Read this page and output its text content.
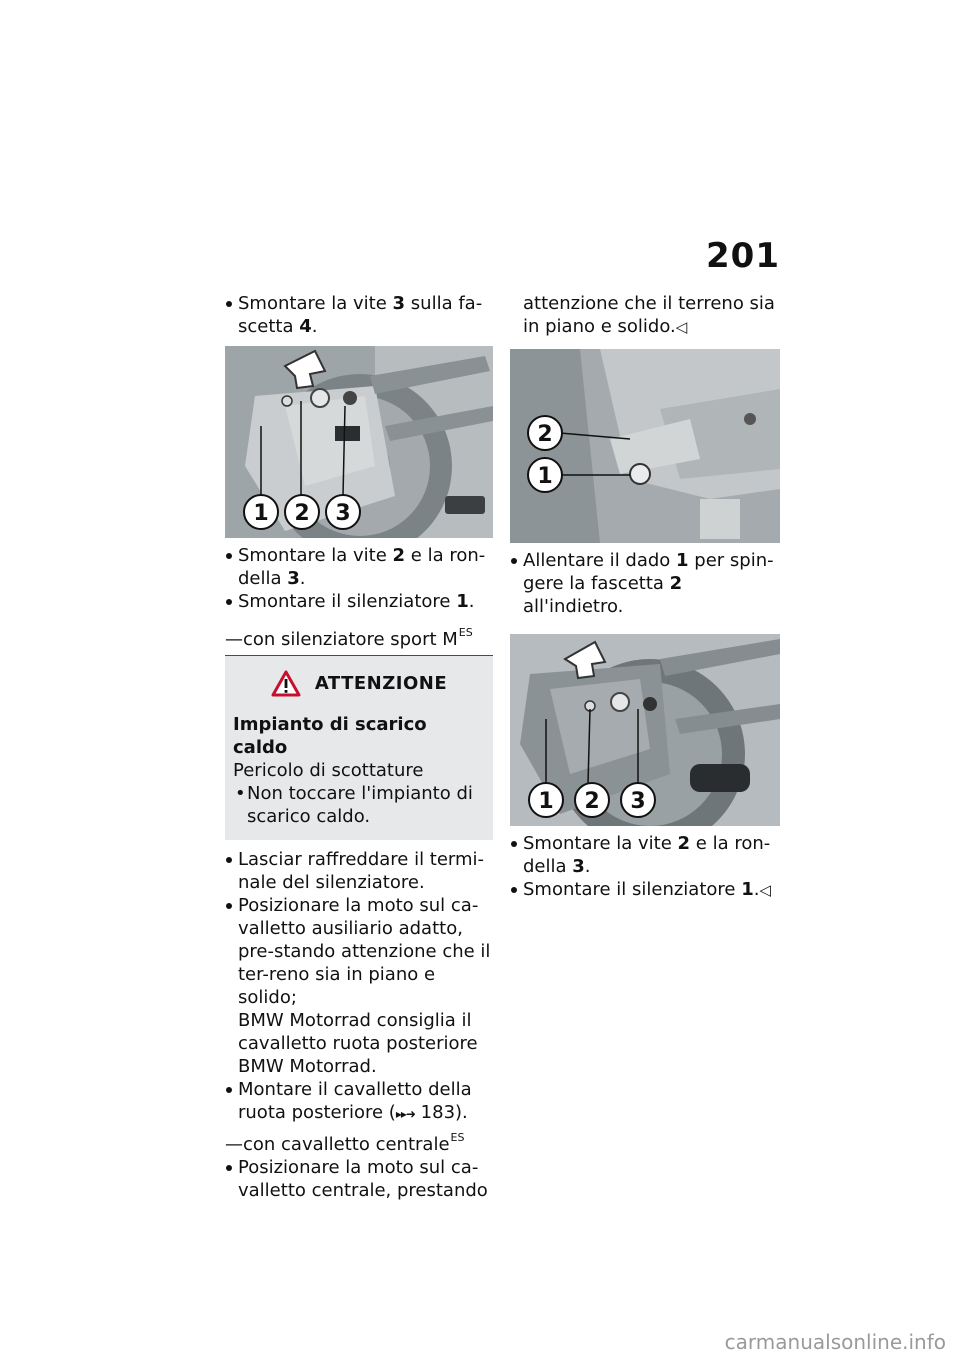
201
Smontare la vite 3 sulla fa-scetta 4.
1 2 3
Smontare la vite 2 e la ron-della 3.
Smontare il silenziatore 1.
—con silenziatore sport $M^{ES}$
ATTENZIONE
Impianto di scarico caldo
Pericolo di scottature
• Non toccare l'impianto di scarico caldo.
Lasciar raffreddare il termi-nale del silenziatore.
Posizionare la moto sul ca-valletto ausiliario adatto, pre-stando attenzione che il ter-reno sia in piano e solido;
BMW Motorrad consiglia il cavalletto ruota posteriore BMW Motorrad.
Montare il cavalletto della ruota posteriore (▸▸➜ 183).
—con cavalletto centrale$^{ES}$
Posizionare la moto sul ca-valletto centrale, prestando
attenzione che il terreno sia in piano e solido.◁
2
1
Allentare il dado 1 per spin-gere la fascetta 2 all'indietro.
1 2 3
Smontare la vite 2 e la ron-della 3.
Smontare il silenziatore 1.◁
carmanualsonline.info
